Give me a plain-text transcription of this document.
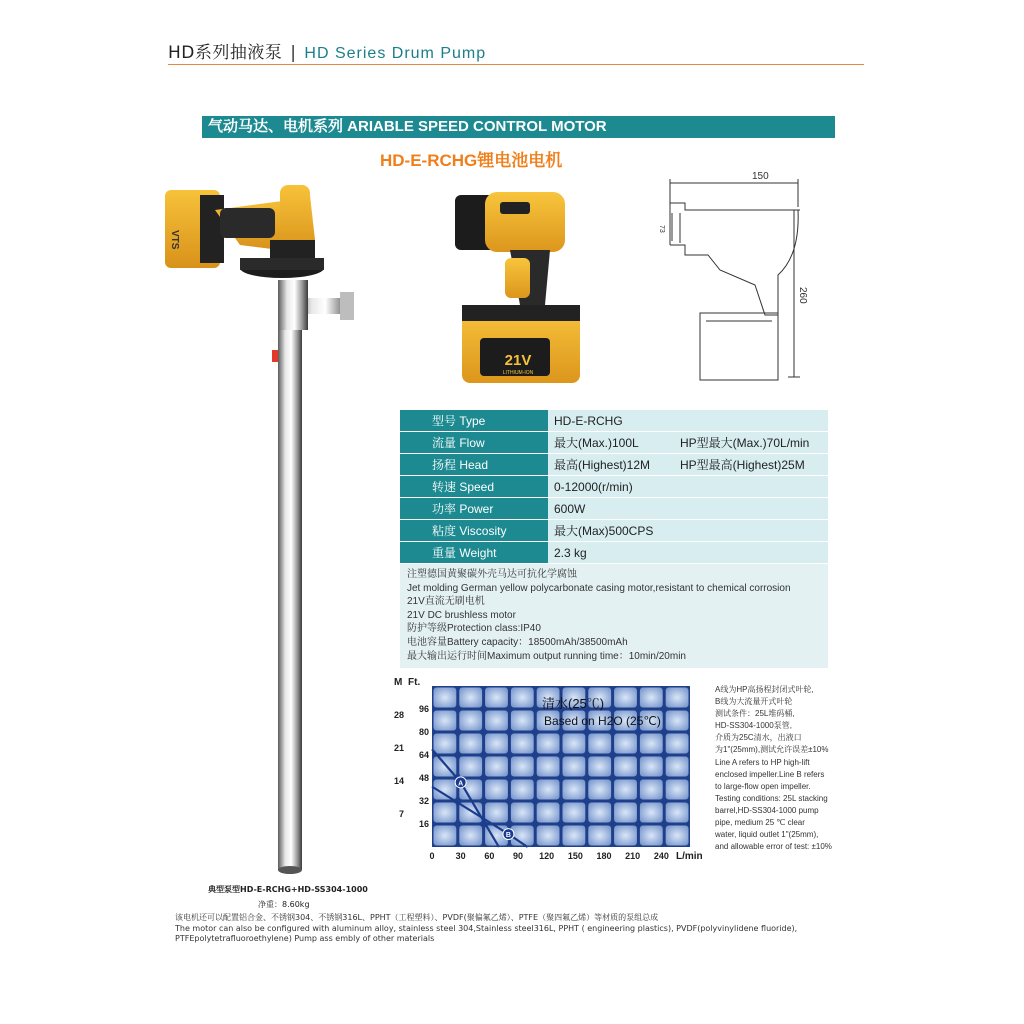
HD系列抽液泵 | HD Series Drum Pump
气动马达、电机系列 ARIABLE SPEED CONTROL MOTOR
HD-E-RCHG锂电池电机
VTS
21V
LITHIUM-ION
150
73
260
型号 Type	HD-E-RCHG
流量 Flow	最大(Max.)100L	HP型最大(Max.)70L/min
扬程 Head	最高(Highest)12M HP型最高(Highest)25M
转速 Speed	0-12000(r/min)
功率 Power	600W
粘度 Viscosity	最大(Max)500CPS
重量 Weight	2.3 kg
注塑德国黄聚碳外壳马达可抗化学腐蚀
Jet molding German yellow polycarbonate casing motor,resistant to chemical corrosion
21V直流无刷电机
21V DC brushless motor
防护等级Protection class:IP40
电池容量Battery capacity：18500mAh/38500mAh
最大输出运行时间Maximum output running time：10min/20min
A
B
0 30 60 90 120 150 180 210 240
16
32
48
64
80
96
7
14
21
28
M Ft.
清水(25℃)
Based on H2O (25℃)
L/min
A线为HP高扬程封闭式叶轮,
B线为大流量开式叶轮
测试条件：25L堆码桶,
HD-SS304-1000泵管,
介质为25C清水，出液口
为1"(25mm),测试允许误差±10%
Line A refers to HP high-lift
enclosed impeller.Line B refers
to large-flow open impeller.
Testing conditions: 25L stacking
barrel,HD-SS304-1000 pump
pipe, medium 25 ℃ clear
water, liquid outlet 1"(25mm),
and allowable error of test: ±10%
典型泵型HD-E-RCHG+HD-SS304-1000
净重：8.60kg
该电机还可以配置铝合金、不锈钢304、不锈钢316L、PPHT（工程塑料）、PVDF(聚偏氟乙烯）、PTFE（聚四氟乙烯）等材质的泵组总成
The motor can also be configured with aluminum alloy, stainless steel 304,Stainless steel316L, PPHT ( engineering plastics), PVDF(polyvinylidene fluoride),
PTFEpolytetrafluoroethylene) Pump ass embly of other materials
